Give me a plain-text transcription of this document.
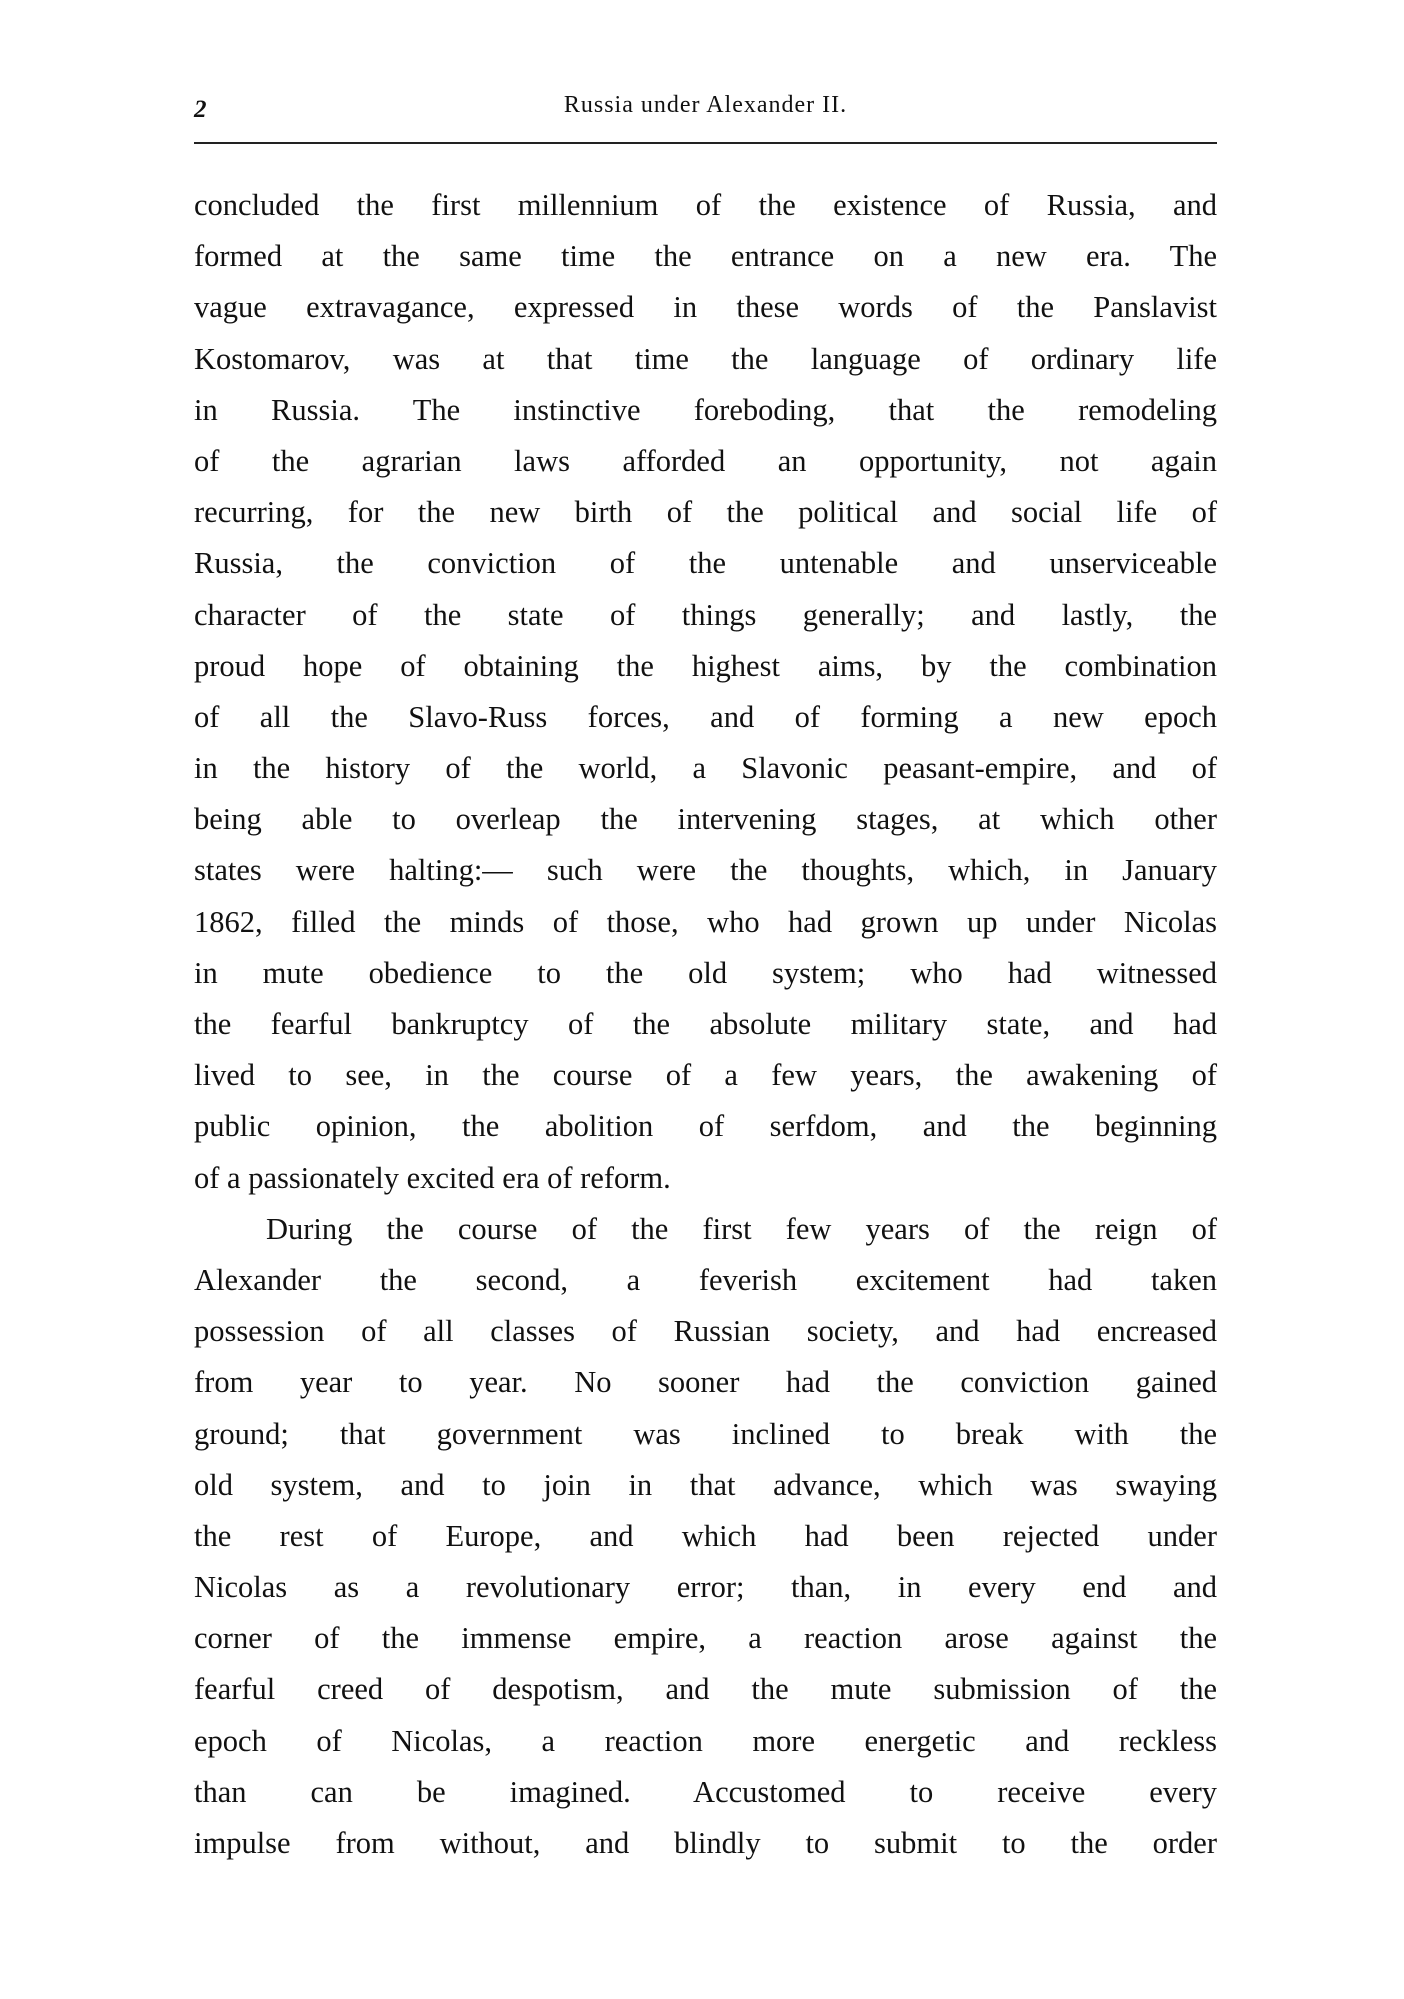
2	Russia under Alexander II.
concluded the first millennium of the existence of Russia, and
formed at the same time the entrance on a new era. The
vague extravagance, expressed in these words of the Panslavist
Kostomarov, was at that time the language of ordinary life
in Russia. The instinctive foreboding, that the remodeling
of the agrarian laws afforded an opportunity, not again
recurring, for the new birth of the political and social life of
Russia, the conviction of the untenable and unserviceable
character of the state of things generally; and lastly, the
proud hope of obtaining the highest aims, by the combination
of all the Slavo-Russ forces, and of forming a new epoch
in the history of the world, a Slavonic peasant-empire, and of
being able to overleap the intervening stages, at which other
states were halting:— such were the thoughts, which, in January
1862, filled the minds of those, who had grown up under Nicolas
in mute obedience to the old system; who had witnessed
the fearful bankruptcy of the absolute military state, and had
lived to see, in the course of a few years, the awakening of
public opinion, the abolition of serfdom, and the beginning
of a passionately excited era of reform.
During the course of the first few years of the reign of
Alexander the second, a feverish excitement had taken
possession of all classes of Russian society, and had encreased
from year to year. No sooner had the conviction gained
ground; that government was inclined to break with the
old system, and to join in that advance, which was swaying
the rest of Europe, and which had been rejected under
Nicolas as a revolutionary error; than, in every end and
corner of the immense empire, a reaction arose against the
fearful creed of despotism, and the mute submission of the
epoch of Nicolas, a reaction more energetic and reckless
than can be imagined. Accustomed to receive every
impulse from without, and blindly to submit to the order
